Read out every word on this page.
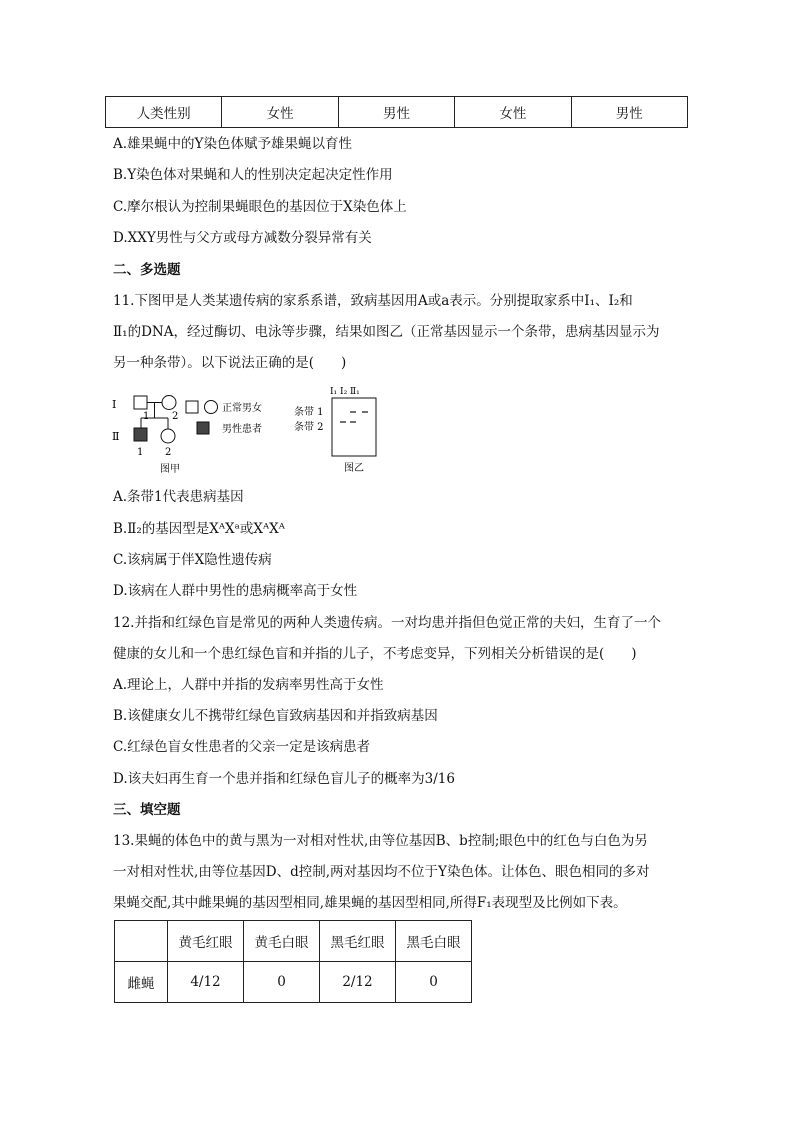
人类性别	女性	男性	女性	男性
A.雄果蝇中的Y染色体赋予雄果蝇以育性
B.Y染色体对果蝇和人的性别决定起决定性作用
C.摩尔根认为控制果蝇眼色的基因位于X染色体上
D.XXY男性与父方或母方减数分裂异常有关
二、多选题
11.下图甲是人类某遗传病的家系系谱，致病基因用A或a表示。分别提取家系中Ⅰ₁、Ⅰ₂和
Ⅱ₁的DNA，经过酶切、电泳等步骤，结果如图乙（正常基因显示一个条带，患病基因显示为
另一种条带）。以下说法正确的是(　　)
Ⅰ
Ⅱ
1 2
1 2
图甲
正常男女
男性患者
Ⅰ₁ Ⅰ₂ Ⅱ₁
条带 1
条带 2
图乙
A.条带1代表患病基因
B.Ⅱ₂的基因型是XᴬXᵃ或XᴬXᴬ
C.该病属于伴X隐性遗传病
D.该病在人群中男性的患病概率高于女性
12.并指和红绿色盲是常见的两种人类遗传病。一对均患并指但色觉正常的夫妇，生育了一个
健康的女儿和一个患红绿色盲和并指的儿子，不考虑变异，下列相关分析错误的是(　　)
A.理论上，人群中并指的发病率男性高于女性
B.该健康女儿不携带红绿色盲致病基因和并指致病基因
C.红绿色盲女性患者的父亲一定是该病患者
D.该夫妇再生育一个患并指和红绿色盲儿子的概率为3/16
三、填空题
13.果蝇的体色中的黄与黑为一对相对性状,由等位基因B、b控制;眼色中的红色与白色为另
一对相对性状,由等位基因D、d控制,两对基因均不位于Y染色体。让体色、眼色相同的多对
果蝇交配,其中雌果蝇的基因型相同,雄果蝇的基因型相同,所得F₁表现型及比例如下表。
	黄毛红眼	黄毛白眼	黑毛红眼	黑毛白眼
雌蝇	4/12	0	2/12	0
